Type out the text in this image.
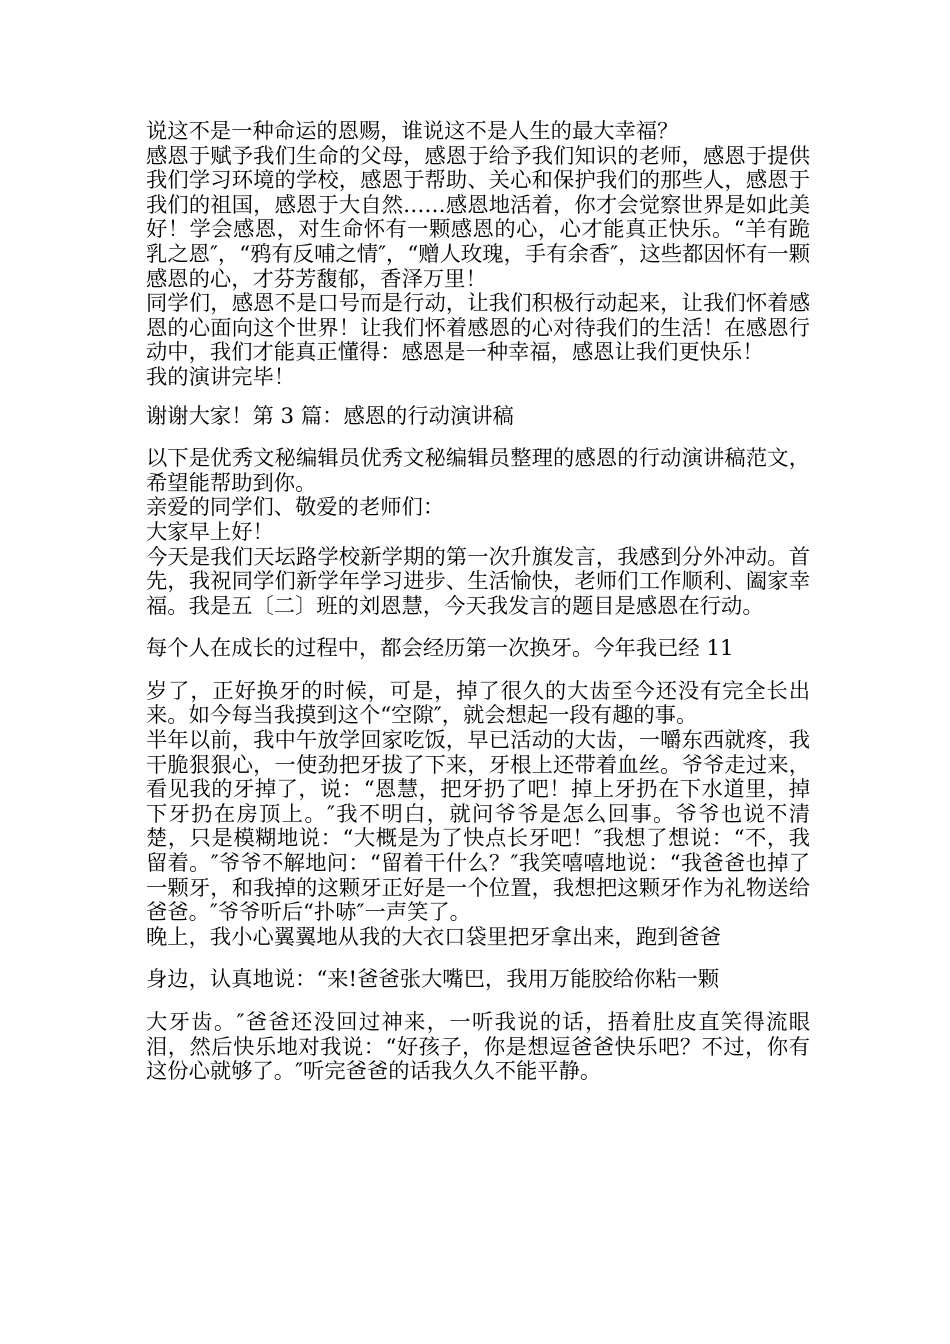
说这不是一种命运的恩赐，谁说这不是人生的最大幸福？

感恩于赋予我们生命的父母，感恩于给予我们知识的老师，感恩于提供我们学习环境的学校，感恩于帮助、关心和保护我们的那些人，感恩于我们的祖国，感恩于大自然……感恩地活着，你才会觉察世界是如此美好！学会感恩，对生命怀有一颗感恩的心，心才能真正快乐。“羊有跪乳之恩″，“鸦有反哺之情″，“赠人玫瑰，手有余香″，这些都因怀有一颗感恩的心，才芬芳馥郁，香泽万里！

同学们，感恩不是口号而是行动，让我们积极行动起来，让我们怀着感恩的心面向这个世界！让我们怀着感恩的心对待我们的生活！在感恩行动中，我们才能真正懂得：感恩是一种幸福，感恩让我们更快乐！

我的演讲完毕！

谢谢大家！第 3 篇：感恩的行动演讲稿

以下是优秀文秘编辑员优秀文秘编辑员整理的感恩的行动演讲稿范文，希望能帮助到你。

亲爱的同学们、敬爱的老师们：

大家早上好！

今天是我们天坛路学校新学期的第一次升旗发言，我感到分外冲动。首先，我祝同学们新学年学习进步、生活愉快，老师们工作顺利、阖家幸福。我是五〔二〕班的刘恩慧，今天我发言的题目是感恩在行动。

每个人在成长的过程中，都会经历第一次换牙。今年我已经 11

岁了，正好换牙的时候，可是，掉了很久的大齿至今还没有完全长出来。如今每当我摸到这个“空隙″，就会想起一段有趣的事。

半年以前，我中午放学回家吃饭，早已活动的大齿，一嚼东西就疼，我干脆狠狠心，一使劲把牙拔了下来，牙根上还带着血丝。爷爷走过来，看见我的牙掉了，说：“恩慧，把牙扔了吧！掉上牙扔在下水道里，掉下牙扔在房顶上。″我不明白，就问爷爷是怎么回事。爷爷也说不清楚，只是模糊地说：“大概是为了快点长牙吧！″我想了想说：“不，我留着。″爷爷不解地问：“留着干什么？″我笑嘻嘻地说：“我爸爸也掉了一颗牙，和我掉的这颗牙正好是一个位置，我想把这颗牙作为礼物送给爸爸。″爷爷听后“扑哧″一声笑了。

晚上，我小心翼翼地从我的大衣口袋里把牙拿出来，跑到爸爸

身边，认真地说：“来!爸爸张大嘴巴，我用万能胶给你粘一颗

大牙齿。″爸爸还没回过神来，一听我说的话，捂着肚皮直笑得流眼泪，然后快乐地对我说：“好孩子，你是想逗爸爸快乐吧？不过，你有这份心就够了。″听完爸爸的话我久久不能平静。
